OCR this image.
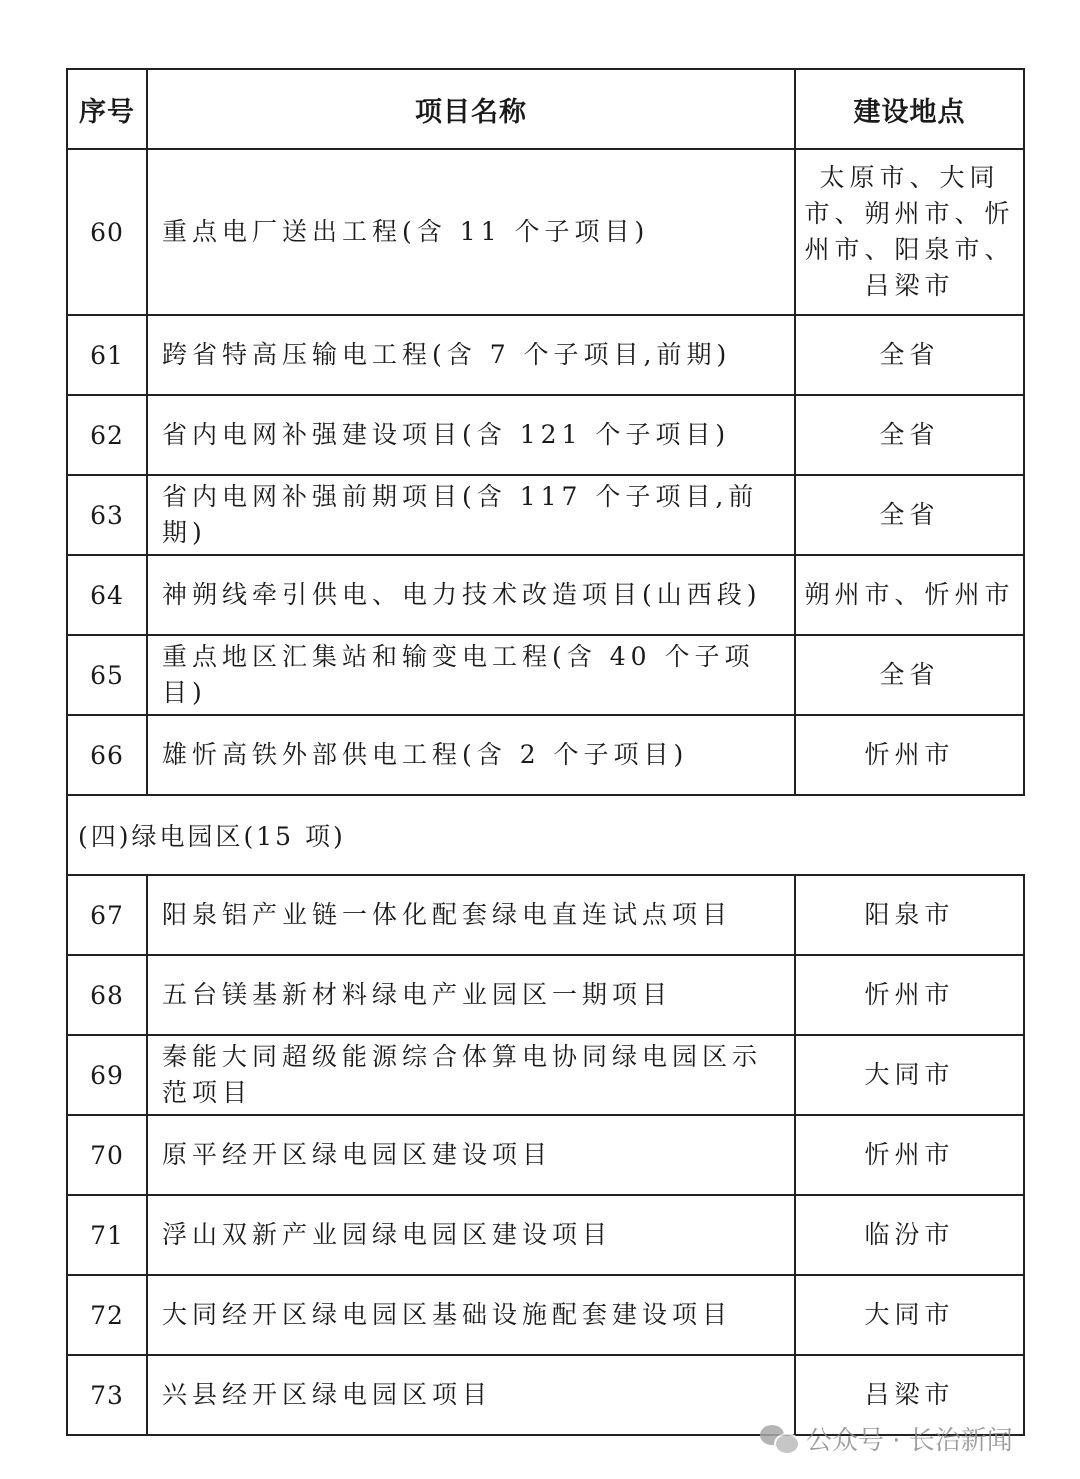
序号	项目名称	建设地点
60	重点电厂送出工程(含 11 个子项目)	太原市、大同市、朔州市、忻州市、阳泉市、吕梁市
61	跨省特高压输电工程(含 7 个子项目,前期)	全省
62	省内电网补强建设项目(含 121 个子项目)	全省
63	省内电网补强前期项目(含 117 个子项目,前期)	全省
64	神朔线牵引供电、电力技术改造项目(山西段)	朔州市、忻州市
65	重点地区汇集站和输变电工程(含 40 个子项目)	全省
66	雄忻高铁外部供电工程(含 2 个子项目)	忻州市
(四)绿电园区(15 项)		
67	阳泉铝产业链一体化配套绿电直连试点项目	阳泉市
68	五台镁基新材料绿电产业园区一期项目	忻州市
69	秦能大同超级能源综合体算电协同绿电园区示范项目	大同市
70	原平经开区绿电园区建设项目	忻州市
71	浮山双新产业园绿电园区建设项目	临汾市
72	大同经开区绿电园区基础设施配套建设项目	大同市
73	兴县经开区绿电园区项目	吕梁市
公众号 · 长治新闻
